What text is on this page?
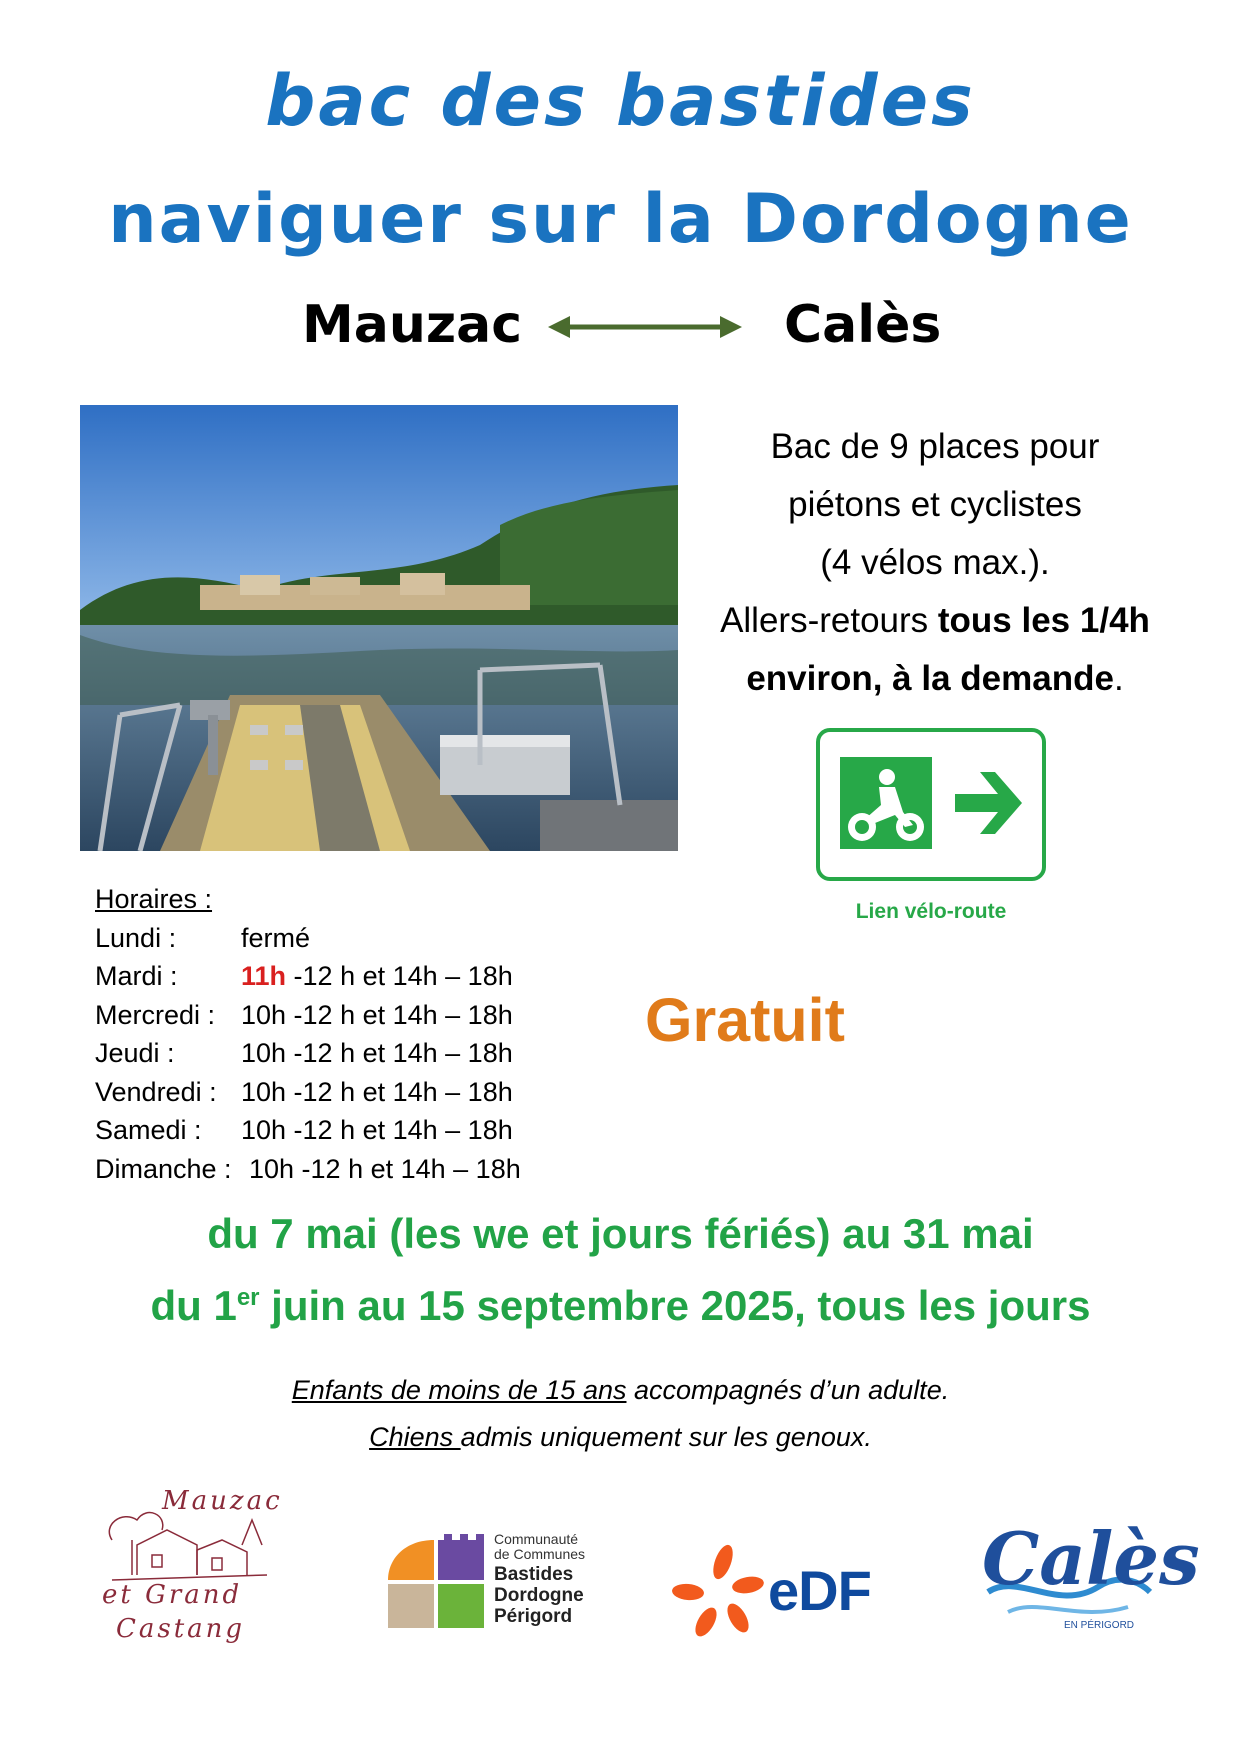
bac des bastides
naviguer sur la Dordogne
Mauzac	Calès
Bac de 9 places pour
piétons et cyclistes
(4 vélos max.).
Allers-retours tous les 1/4h
environ, à la demande.
Lien vélo-route
Horaires :
Lundi : fermé
Mardi : 11h -12 h et 14h – 18h
Mercredi : 10h -12 h et 14h – 18h
Jeudi : 10h -12 h et 14h – 18h
Vendredi : 10h -12 h et 14h – 18h
Samedi : 10h -12 h et 14h – 18h
Dimanche : 10h -12 h et 14h – 18h
Gratuit
du 7 mai (les we et jours fériés) au 31 mai
du 1er juin au 15 septembre 2025, tous les jours
Enfants de moins de 15 ans accompagnés d’un adulte.
Chiens admis uniquement sur les genoux.
Mauzac
et Grand
Castang
Communauté
de Communes
Bastides
Dordogne
Périgord	eDF Calès
EN PÉRIGORD
